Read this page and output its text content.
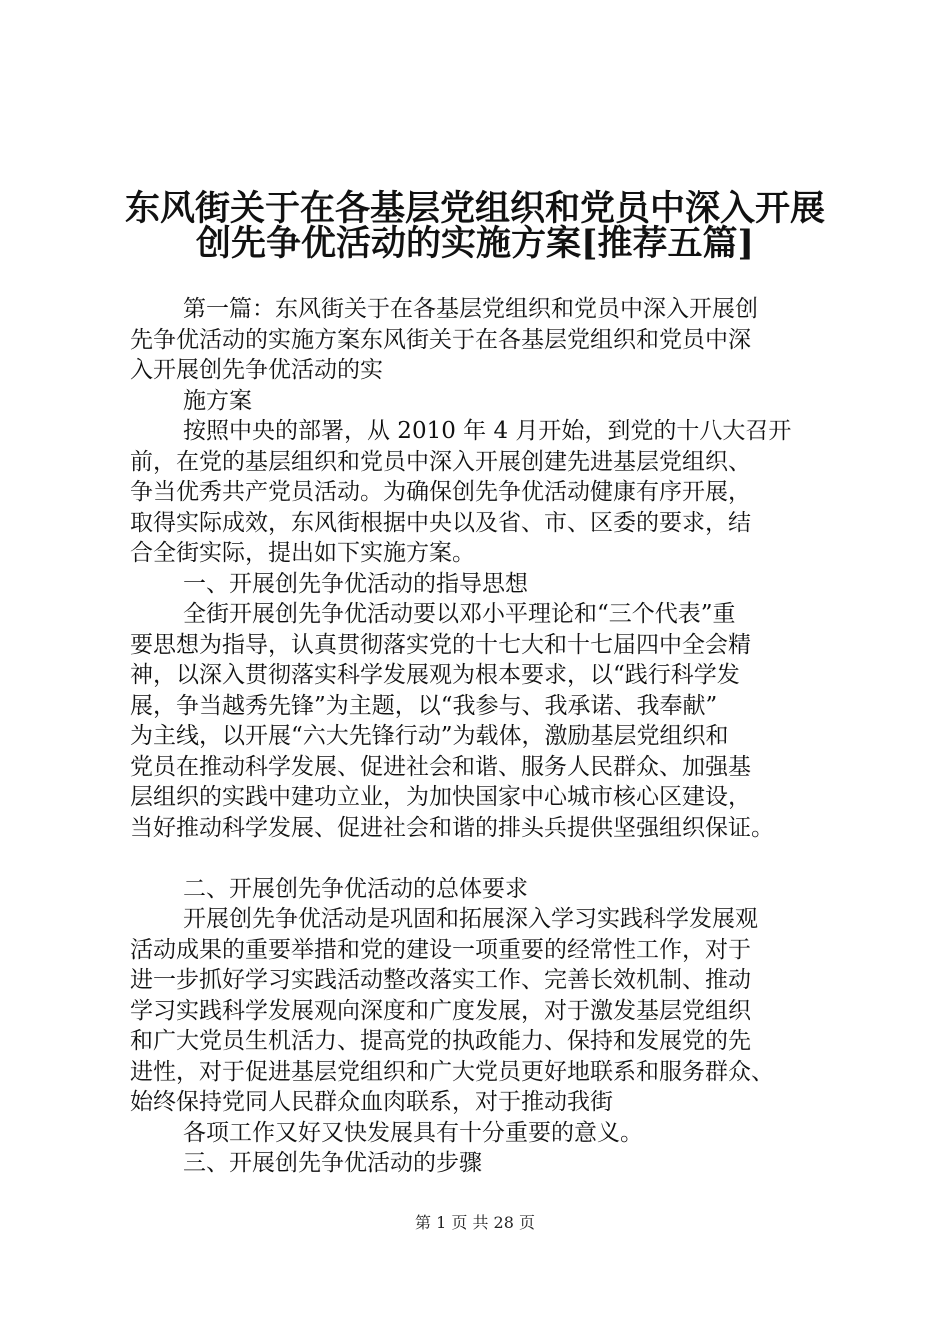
东风街关于在各基层党组织和党员中深入开展
创先争优活动的实施方案[推荐五篇]
第一篇：东风街关于在各基层党组织和党员中深入开展创
先争优活动的实施方案东风街关于在各基层党组织和党员中深
入开展创先争优活动的实
施方案
按照中央的部署，从 2010 年 4 月开始，到党的十八大召开
前，在党的基层组织和党员中深入开展创建先进基层党组织、
争当优秀共产党员活动。为确保创先争优活动健康有序开展，
取得实际成效，东风街根据中央以及省、市、区委的要求，结
合全街实际，提出如下实施方案。
一、开展创先争优活动的指导思想
全街开展创先争优活动要以邓小平理论和“三个代表”重
要思想为指导，认真贯彻落实党的十七大和十七届四中全会精
神，以深入贯彻落实科学发展观为根本要求，以“践行科学发
展，争当越秀先锋”为主题，以“我参与、我承诺、我奉献”
为主线，以开展“六大先锋行动”为载体，激励基层党组织和
党员在推动科学发展、促进社会和谐、服务人民群众、加强基
层组织的实践中建功立业，为加快国家中心城市核心区建设，
当好推动科学发展、促进社会和谐的排头兵提供坚强组织保证。
二、开展创先争优活动的总体要求
开展创先争优活动是巩固和拓展深入学习实践科学发展观
活动成果的重要举措和党的建设一项重要的经常性工作，对于
进一步抓好学习实践活动整改落实工作、完善长效机制、推动
学习实践科学发展观向深度和广度发展，对于激发基层党组织
和广大党员生机活力、提高党的执政能力、保持和发展党的先
进性，对于促进基层党组织和广大党员更好地联系和服务群众、
始终保持党同人民群众血肉联系，对于推动我街
各项工作又好又快发展具有十分重要的意义。
三、开展创先争优活动的步骤
第 1 页 共 28 页
